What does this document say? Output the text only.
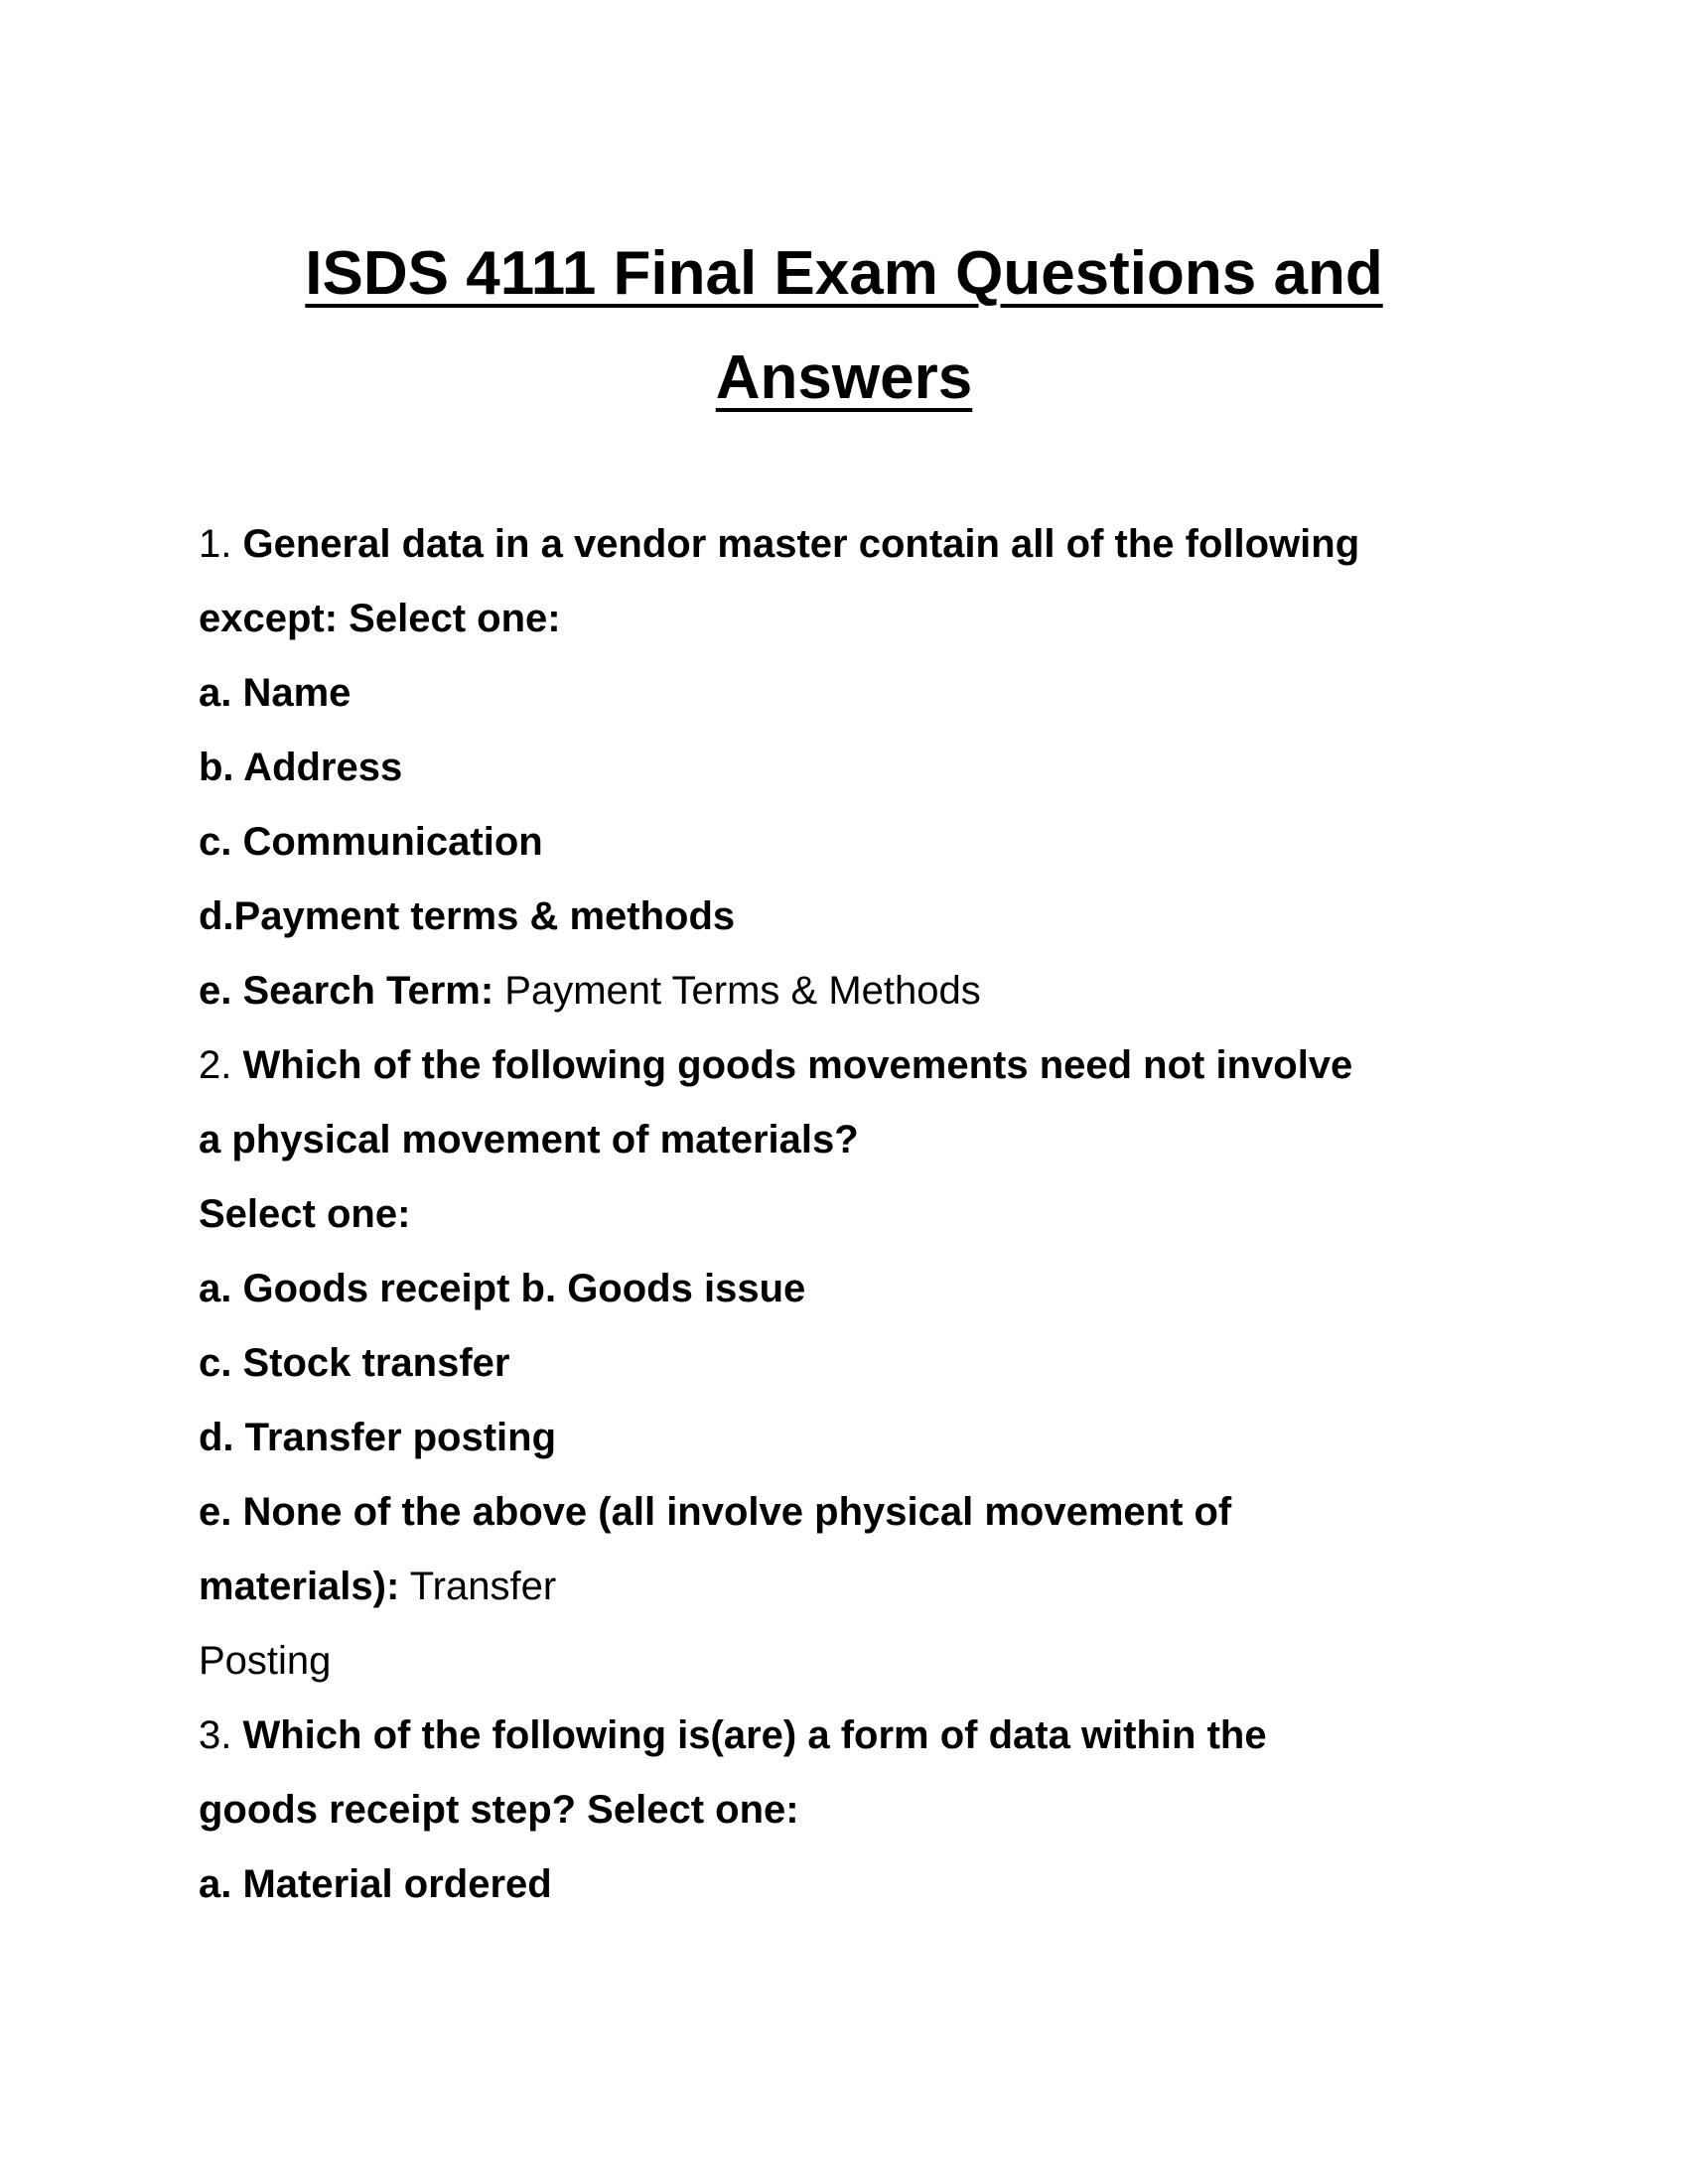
ISDS 4111 Final Exam Questions and
Answers

1. General data in a vendor master contain all of the following

except: Select one:

a. Name

b. Address

c. Communication

d.Payment terms & methods

e. Search Term: Payment Terms & Methods

2. Which of the following goods movements need not involve

a physical movement of materials?

Select one:

a. Goods receipt b. Goods issue

c. Stock transfer

d. Transfer posting

e. None of the above (all involve physical movement of

materials): Transfer

Posting

3. Which of the following is(are) a form of data within the

goods receipt step? Select one:

a. Material ordered
